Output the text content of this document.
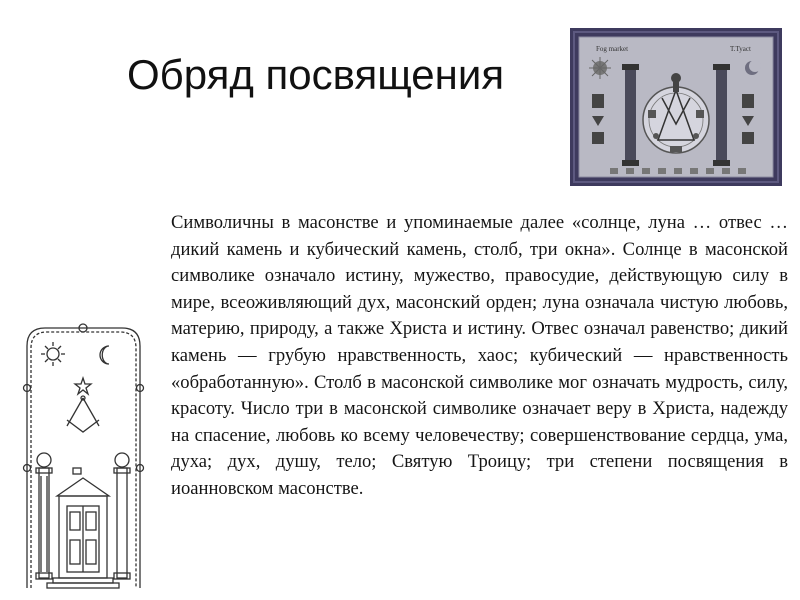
Обряд посвящения
Fog market	T.Tyact

Символичны в масонстве и упоминаемые далее «солнце, луна … отвес … дикий камень и кубический камень, столб, три окна». Солнце в масонской символике означало истину, мужество, правосудие, действующую силу в мире, всеоживляющий дух, масонский орден; луна означала чистую любовь, материю, природу, а также Христа и истину. Отвес означал равенство; дикий камень — грубую нравственность, хаос; кубический — нравственность «обработанную». Столб в масонской символике мог означать мудрость, силу, красоту. Число три в масонской символике означает веру в Христа, надежду на спасение, любовь ко всему человечеству; совершенствование сердца, ума, духа; дух, душу, тело; Святую Троицу; три степени посвящения в иоанновском масонстве.
